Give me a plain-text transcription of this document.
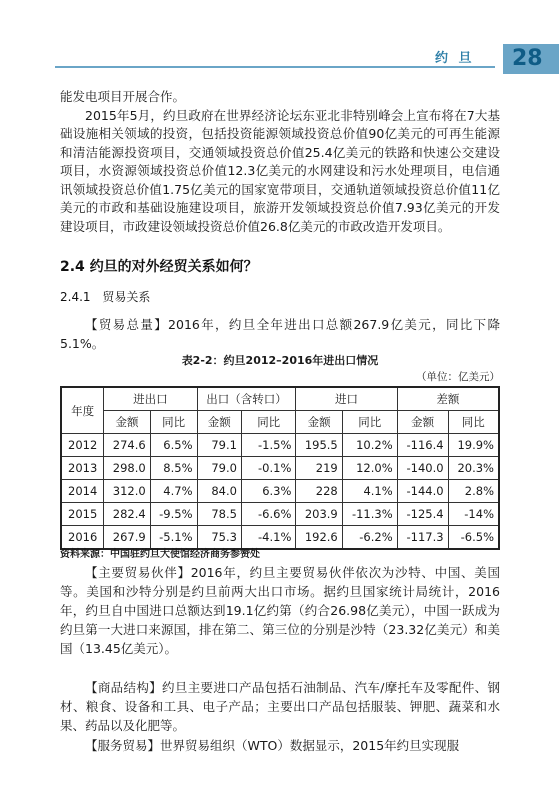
约 旦 28

能发电项目开展合作。

2015年5月，约旦政府在世界经济论坛东亚北非特别峰会上宣布将在7大基础设施相关领域的投资，包括投资能源领域投资总价值90亿美元的可再生能源和清洁能源投资项目，交通领域投资总价值25.4亿美元的铁路和快速公交建设项目，水资源领域投资总价值12.3亿美元的水网建设和污水处理项目，电信通讯领域投资总价值1.75亿美元的国家宽带项目，交通轨道领域投资总价值11亿美元的市政和基础设施建设项目，旅游开发领域投资总价值7.93亿美元的开发建设项目，市政建设领域投资总价值26.8亿美元的市政改造开发项目。

2.4 约旦的对外经贸关系如何？
2.4.1 贸易关系

【贸易总量】2016年，约旦全年进出口总额267.9亿美元，同比下降5.1%。

表2-2：约旦2012–2016年进出口情况
（单位：亿美元）
年度	进出口		出口（含转口）		进口		差额	
	金额	同比	金额	同比	金额	同比	金额	同比
2012	274.6	6.5%	79.1	-1.5%	195.5	10.2%	-116.4	19.9%
2013	298.0	8.5%	79.0	-0.1%	219	12.0%	-140.0	20.3%
2014	312.0	4.7%	84.0	6.3%	228	4.1%	-144.0	2.8%
2015	282.4	-9.5%	78.5	-6.6%	203.9	-11.3%	-125.4	-14%
2016	267.9	-5.1%	75.3	-4.1%	192.6	-6.2%	-117.3	-6.5%
资料来源：中国驻约旦大使馆经济商务参赞处

【主要贸易伙伴】2016年，约旦主要贸易伙伴依次为沙特、中国、美国等。美国和沙特分别是约旦前两大出口市场。据约旦国家统计局统计，2016年，约旦自中国进口总额达到19.1亿约第（约合26.98亿美元），中国一跃成为约旦第一大进口来源国，排在第二、第三位的分别是沙特（23.32亿美元）和美国（13.45亿美元）。

【商品结构】约旦主要进口产品包括石油制品、汽车/摩托车及零配件、钢材、粮食、设备和工具、电子产品；主要出口产品包括服装、钾肥、蔬菜和水果、药品以及化肥等。

【服务贸易】世界贸易组织（WTO）数据显示，2015年约旦实现服
